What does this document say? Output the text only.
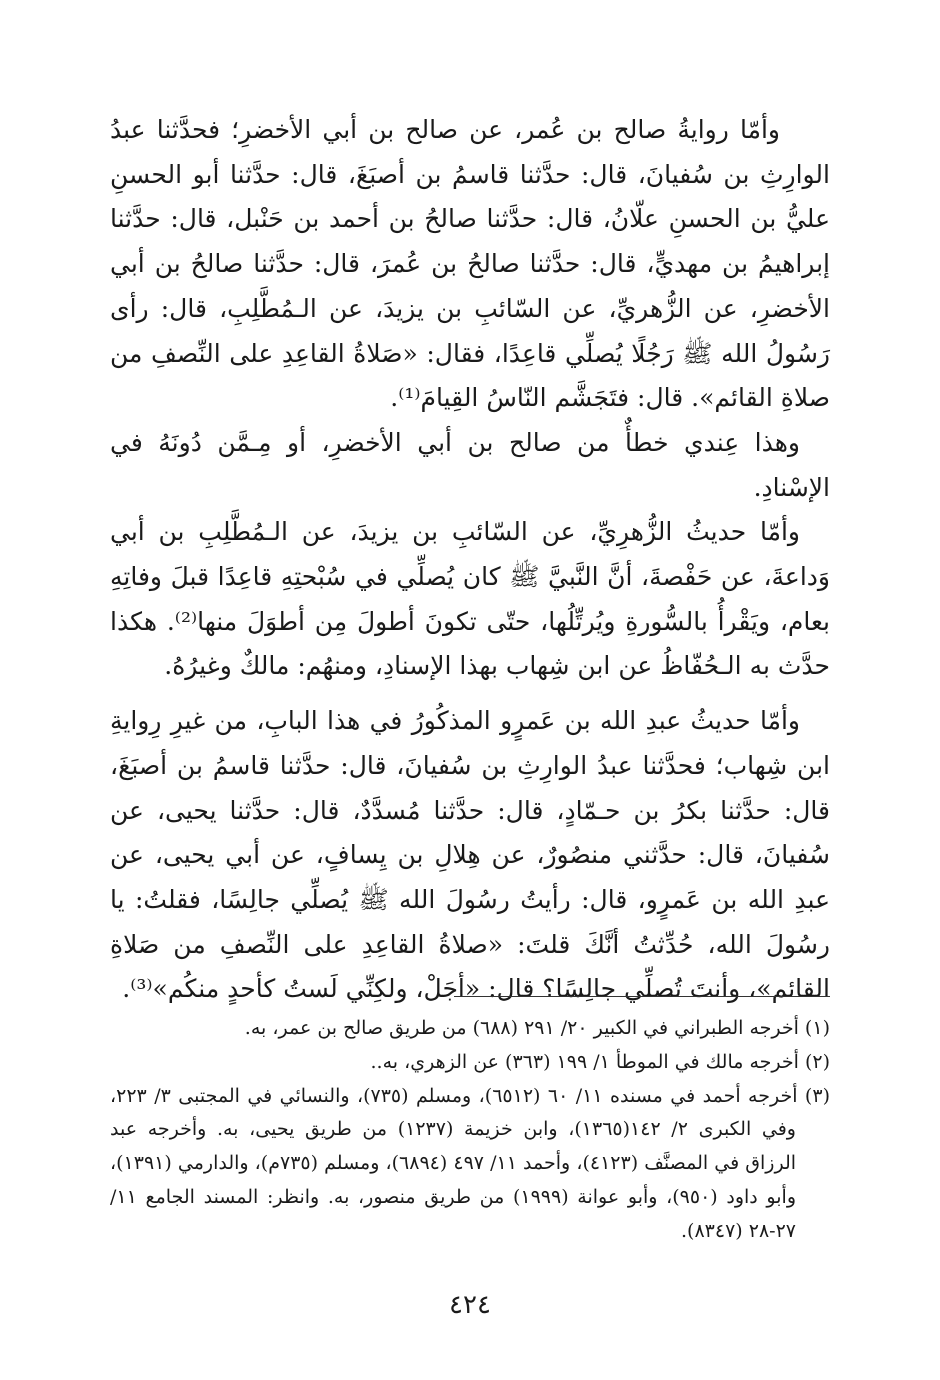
وأمّا روايةُ صالح بن عُمر، عن صالح بن أبي الأخضرِ؛ فحدَّثنا عبدُ الوارِثِ بن سُفيانَ، قال: حدَّثنا قاسمُ بن أصبَغَ، قال: حدَّثنا أبو الحسنِ عليُّ بن الحسنِ علّانُ، قال: حدَّثنا صالحُ بن أحمد بن حَنْبل، قال: حدَّثنا إبراهيمُ بن مهديٍّ، قال: حدَّثنا صالحُ بن عُمرَ، قال: حدَّثنا صالحُ بن أبي الأخضرِ، عن الزُّهريِّ، عن السّائبِ بن يزيدَ، عن الـمُطَّلِبِ، قال: رأى رَسُولُ الله ﷺ رَجُلًا يُصلِّي قاعِدًا، فقال: «صَلاةُ القاعِدِ على النِّصفِ من صلاةِ القائم». قال: فتَجَشَّم النّاسُ القِيامَ⁽¹⁾.

وهذا عِندي خطأٌ من صالح بن أبي الأخضرِ، أو مِـمَّن دُونَهُ في الإسْنادِ.

وأمّا حديثُ الزُّهرِيِّ، عن السّائبِ بن يزيدَ، عن الـمُطَّلِبِ بن أبي وَداعةَ، عن حَفْصةَ، أنَّ النَّبيَّ ﷺ كان يُصلِّي في سُبْحتِهِ قاعِدًا قبلَ وفاتِهِ بعام، ويَقْرأُ بالسُّورةِ ويُرتِّلُها، حتّى تكونَ أطولَ مِن أطوَلَ منها⁽²⁾. هكذا حدَّث به الـحُفّاظُ عن ابن شِهاب بهذا الإسنادِ، ومنهُم: مالكٌ وغيرُهُ.

وأمّا حديثُ عبدِ الله بن عَمرٍو المذكُورُ في هذا البابِ، من غيرِ رِوايةِ ابن شِهاب؛ فحدَّثنا عبدُ الوارِثِ بن سُفيانَ، قال: حدَّثنا قاسمُ بن أصبَغَ، قال: حدَّثنا بكرُ بن حـمّادٍ، قال: حدَّثنا مُسدَّدٌ، قال: حدَّثنا يحيى، عن سُفيانَ، قال: حدَّثني منصُورٌ، عن هِلالِ بن يِسافٍ، عن أبي يحيى، عن عبدِ الله بن عَمرٍو، قال: رأيتُ رسُولَ الله ﷺ يُصلِّي جالِسًا، فقلتُ: يا رسُولَ الله، حُدِّثتُ أنَّكَ قلتَ: «صلاةُ القاعِدِ على النِّصفِ من صَلاةِ القائم»، وأنتَ تُصلِّي جالِسًا؟ قال: «أجَلْ، ولكِنِّي لَستُ كأحدٍ منكُم»⁽³⁾.

(١) أخرجه الطبراني في الكبير ٢٠/ ٢٩١ (٦٨٨) من طريق صالح بن عمر، به.

(٢) أخرجه مالك في الموطأ ١/ ١٩٩ (٣٦٣) عن الزهري، به..

(٣) أخرجه أحمد في مسنده ١١/ ٦٠ (٦٥١٢)، ومسلم (٧٣٥)، والنسائي في المجتبى ٣/ ٢٢٣، وفي الكبرى ٢/ ١٤٢(١٣٦٥)، وابن خزيمة (١٢٣٧) من طريق يحيى، به. وأخرجه عبد الرزاق في المصنَّف (٤١٢٣)، وأحمد ١١/ ٤٩٧ (٦٨٩٤)، ومسلم (٧٣٥م)، والدارمي (١٣٩١)، وأبو داود (٩٥٠)، وأبو عوانة (١٩٩٩) من طريق منصور، به. وانظر: المسند الجامع ١١/ ٢٧-٢٨ (٨٣٤٧).

٤٢٤
